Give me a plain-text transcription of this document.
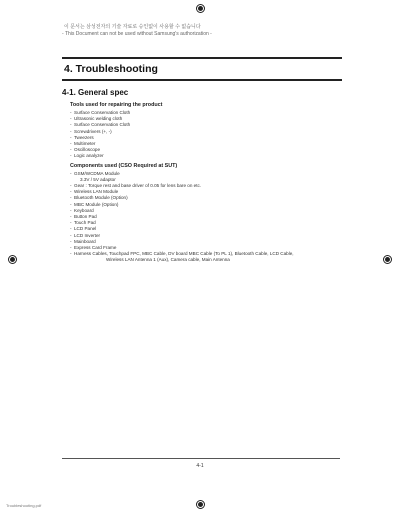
이 문서는 삼성전자의 기술 자료로 승인없이 사용할 수 없습니다
- This Document can not be used without Samsung's authorization -
4. Troubleshooting
4-1. General spec
Tools used for repairing the product
- Surface Conservation Cloth
- Ultrasonic welding cloth
- Surface Conservation Cloth
- Screwdrivers (+, -)
- Tweezers
- Multimeter
- Oscilloscope
- Logic analyzer
Components used (CSO Required at SUT)
- GSM/WCDMA Module
3.3V / 5V adaptor
- Gear : Torque rest and base driver of 0.05 for lens bare on etc.
- Wireless LAN Module
- Bluetooth Module (Option)
- MBC Module (Option)
- Keyboard
- Button Pad
- Touch Pad
- LCD Panel
- LCD Inverter
- Mainboard
- Express Card Frame
- Harness Cables, Touchpad FPC, MBC Cable, DV board MBC Cable (To PL 1), Bluetooth Cable, LCD Cable,
Wireless LAN Antenna 1 (Aux), Camera cable, Main Antenna
4-1
Troubleshooting.pdf
